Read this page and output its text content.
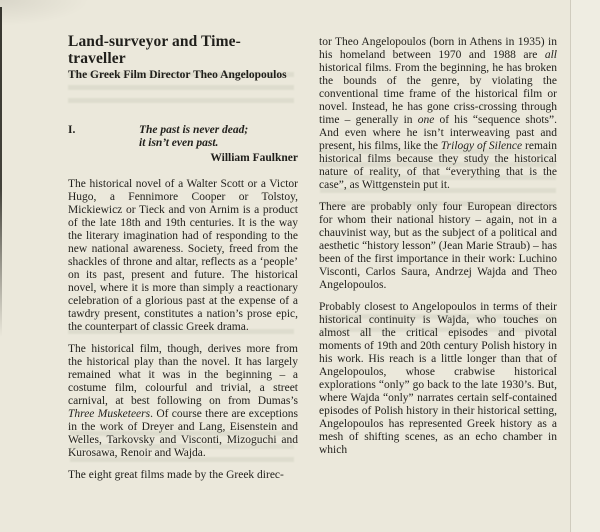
Land-surveyor and Time-traveller
The Greek Film Director Theo Angelopoulos
I.	The past is never dead;
it isn’t even past.
William Faulkner

The historical novel of a Walter Scott or a Victor Hugo, a Fennimore Cooper or Tolstoy, Mickiewicz or Tieck and von Arnim is a product of the late 18th and 19th centuries. It is the way the literary imagination had of responding to the new national awareness. Society, freed from the shackles of throne and altar, reflects as a ‘people’ on its past, present and future. The historical novel, where it is more than simply a reactionary celebration of a glorious past at the expense of a tawdry present, constitutes a nation’s prose epic, the counterpart of classic Greek drama.

The historical film, though, derives more from the historical play than the novel. It has largely remained what it was in the beginning – a costume film, colourful and trivial, a street carnival, at best following on from Dumas’s Three Musketeers. Of course there are exceptions in the work of Dreyer and Lang, Eisenstein and Welles, Tarkovsky and Visconti, Mizoguchi and Kurosawa, Renoir and Wajda.

The eight great films made by the Greek direc-

tor Theo Angelopoulos (born in Athens in 1935) in his homeland between 1970 and 1988 are all historical films. From the beginning, he has broken the bounds of the genre, by violating the conventional time frame of the historical film or novel. Instead, he has gone criss-crossing through time – generally in one of his “sequence shots”. And even where he isn’t interweaving past and present, his films, like the Trilogy of Silence remain historical films because they study the historical nature of reality, of that “everything that is the case”, as Wittgenstein put it.

There are probably only four European directors for whom their national history – again, not in a chauvinist way, but as the subject of a political and aesthetic “history lesson” (Jean Marie Straub) – has been of the first importance in their work: Luchino Visconti, Carlos Saura, Andrzej Wajda and Theo Angelopoulos.

Probably closest to Angelopoulos in terms of their historical continuity is Wajda, who touches on almost all the critical episodes and pivotal moments of 19th and 20th century Polish history in his work. His reach is a little longer than that of Angelopoulos, whose crabwise historical explorations “only” go back to the late 1930’s. But, where Wajda “only” narrates certain self-contained episodes of Polish history in their historical setting, Angelopoulos has represented Greek history as a mesh of shifting scenes, as an echo chamber in which
